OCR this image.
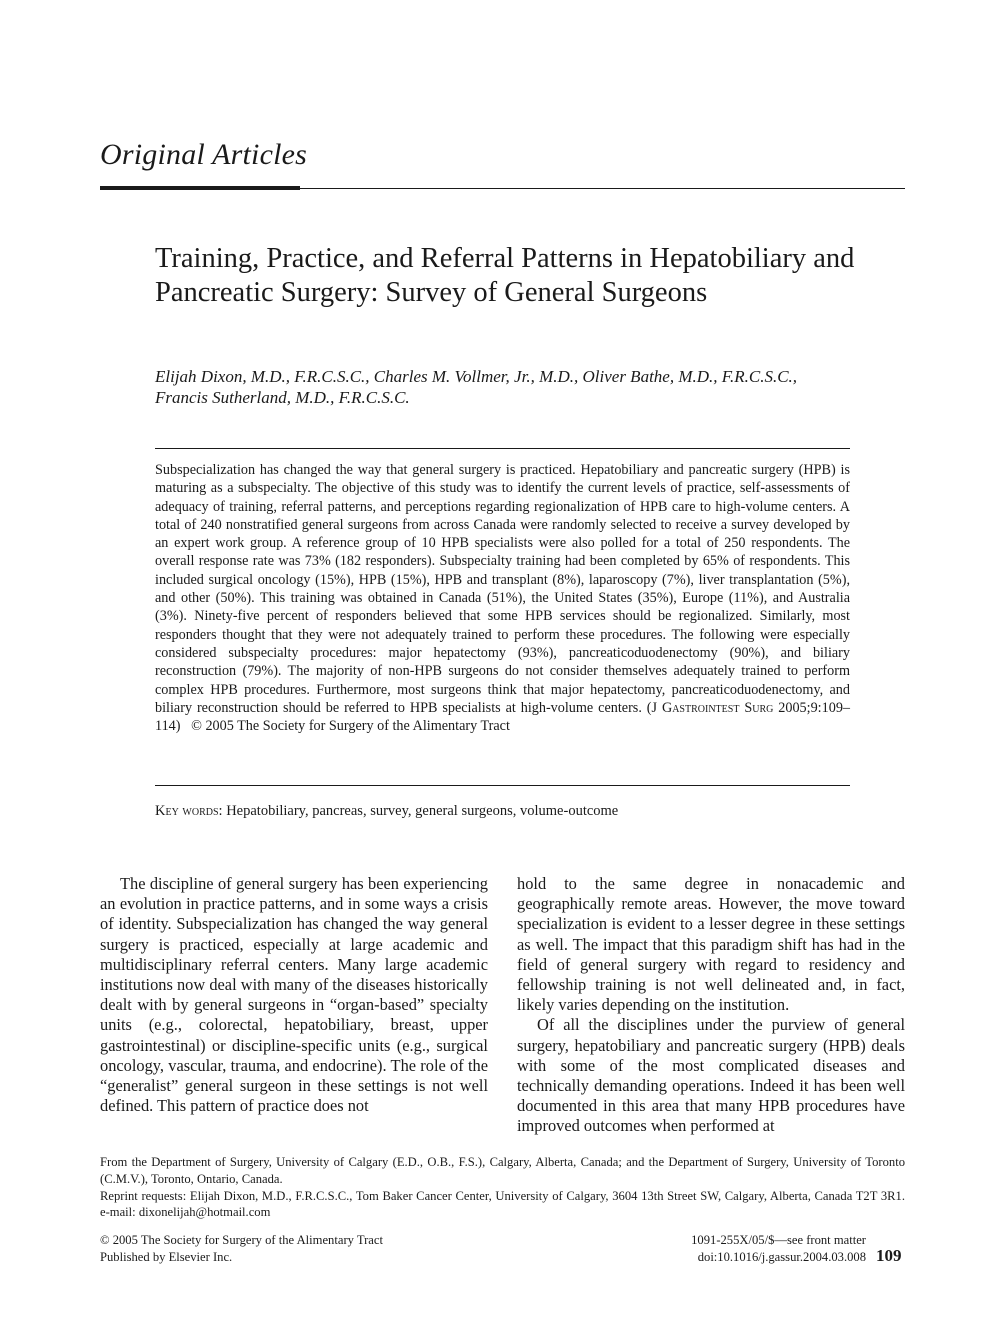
Original Articles
Training, Practice, and Referral Patterns in Hepatobiliary and Pancreatic Surgery: Survey of General Surgeons
Elijah Dixon, M.D., F.R.C.S.C., Charles M. Vollmer, Jr., M.D., Oliver Bathe, M.D., F.R.C.S.C., Francis Sutherland, M.D., F.R.C.S.C.
Subspecialization has changed the way that general surgery is practiced. Hepatobiliary and pancreatic surgery (HPB) is maturing as a subspecialty. The objective of this study was to identify the current levels of practice, self-assessments of adequacy of training, referral patterns, and perceptions regarding regionalization of HPB care to high-volume centers. A total of 240 nonstratified general surgeons from across Canada were randomly selected to receive a survey developed by an expert work group. A reference group of 10 HPB specialists were also polled for a total of 250 respondents. The overall response rate was 73% (182 responders). Subspecialty training had been completed by 65% of respondents. This included surgical oncology (15%), HPB (15%), HPB and transplant (8%), laparoscopy (7%), liver transplantation (5%), and other (50%). This training was obtained in Canada (51%), the United States (35%), Europe (11%), and Australia (3%). Ninety-five percent of responders believed that some HPB services should be regionalized. Similarly, most responders thought that they were not adequately trained to perform these procedures. The following were especially considered subspecialty procedures: major hepatectomy (93%), pancreaticoduodenectomy (90%), and biliary reconstruction (79%). The majority of non-HPB surgeons do not consider themselves adequately trained to perform complex HPB procedures. Furthermore, most surgeons think that major hepatectomy, pancreaticoduodenectomy, and biliary reconstruction should be referred to HPB specialists at high-volume centers. (J Gastrointest Surg 2005;9:109–114) © 2005 The Society for Surgery of the Alimentary Tract
Key words: Hepatobiliary, pancreas, survey, general surgeons, volume-outcome

The discipline of general surgery has been experiencing an evolution in practice patterns, and in some ways a crisis of identity. Subspecialization has changed the way general surgery is practiced, especially at large academic and multidisciplinary referral centers. Many large academic institutions now deal with many of the diseases historically dealt with by general surgeons in “organ-based” specialty units (e.g., colorectal, hepatobiliary, breast, upper gastrointestinal) or discipline-specific units (e.g., surgical oncology, vascular, trauma, and endocrine). The role of the “generalist” general surgeon in these settings is not well defined. This pattern of practice does not

hold to the same degree in nonacademic and geographically remote areas. However, the move toward specialization is evident to a lesser degree in these settings as well. The impact that this paradigm shift has had in the field of general surgery with regard to residency and fellowship training is not well delineated and, in fact, likely varies depending on the institution.

Of all the disciplines under the purview of general surgery, hepatobiliary and pancreatic surgery (HPB) deals with some of the most complicated diseases and technically demanding operations. Indeed it has been well documented in this area that many HPB procedures have improved outcomes when performed at

From the Department of Surgery, University of Calgary (E.D., O.B., F.S.), Calgary, Alberta, Canada; and the Department of Surgery, University of Toronto (C.M.V.), Toronto, Ontario, Canada.

Reprint requests: Elijah Dixon, M.D., F.R.C.S.C., Tom Baker Cancer Center, University of Calgary, 3604 13th Street SW, Calgary, Alberta, Canada T2T 3R1. e-mail: dixonelijah@hotmail.com

© 2005 The Society for Surgery of the Alimentary Tract
Published by Elsevier Inc.
1091-255X/05/$—see front matter
doi:10.1016/j.gassur.2004.03.008 109
